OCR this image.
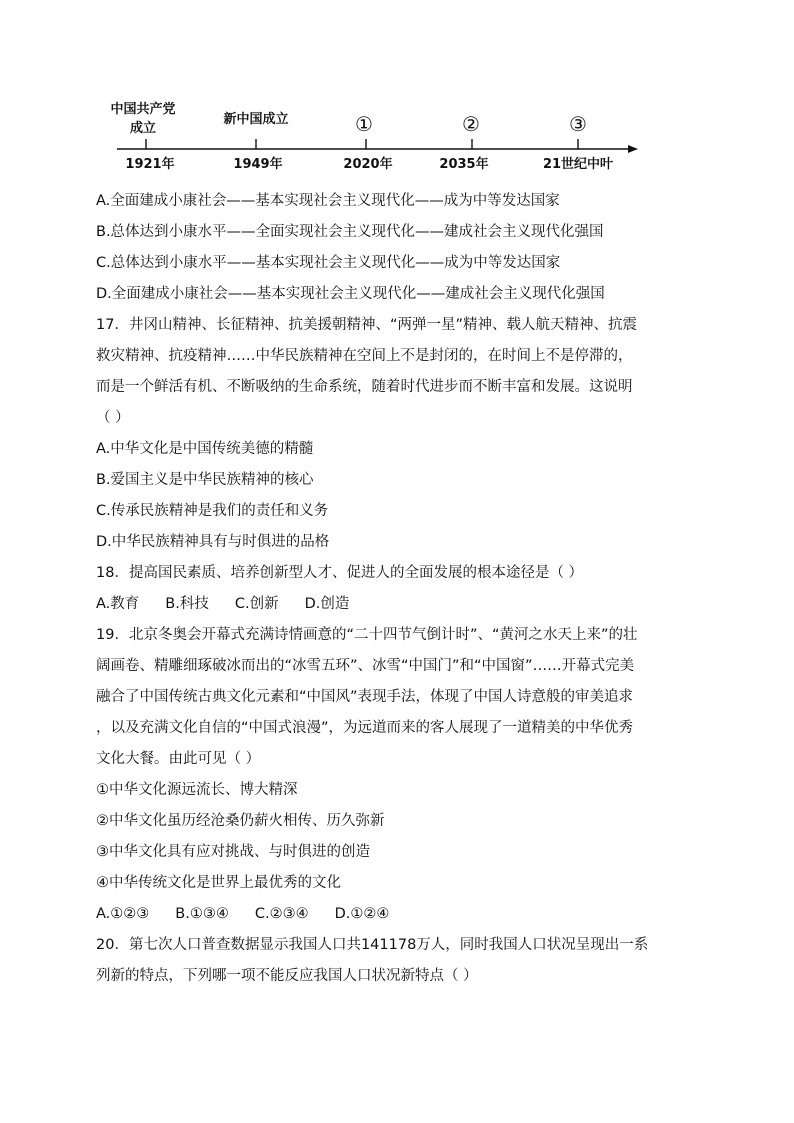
中国共产党
成立
新中国成立	①	②	③
1921年	1949年	2020年	2035年	21世纪中叶
A.全面建成小康社会——基本实现社会主义现代化——成为中等发达国家
B.总体达到小康水平——全面实现社会主义现代化——建成社会主义现代化强国
C.总体达到小康水平——基本实现社会主义现代化——成为中等发达国家
D.全面建成小康社会——基本实现社会主义现代化——建成社会主义现代化强国
17．井冈山精神、长征精神、抗美援朝精神、“两弹一星”精神、载人航天精神、抗震
救灾精神、抗疫精神……中华民族精神在空间上不是封闭的，在时间上不是停滞的，
而是一个鲜活有机、不断吸纳的生命系统，随着时代进步而不断丰富和发展。这说明
（ ）
A.中华文化是中国传统美德的精髓
B.爱国主义是中华民族精神的核心
C.传承民族精神是我们的责任和义务
D.中华民族精神具有与时俱进的品格
18．提高国民素质、培养创新型人才、促进人的全面发展的根本途径是（ ）
A.教育 B.科技 C.创新 D.创造
19．北京冬奥会开幕式充满诗情画意的“二十四节气倒计时”、“黄河之水天上来”的壮
阔画卷、精雕细琢破冰而出的“冰雪五环”、冰雪“中国门”和“中国窗”……开幕式完美
融合了中国传统古典文化元素和“中国风”表现手法，体现了中国人诗意般的审美追求
，以及充满文化自信的“中国式浪漫”，为远道而来的客人展现了一道精美的中华优秀
文化大餐。由此可见（ ）
①中华文化源远流长、博大精深
②中华文化虽历经沧桑仍薪火相传、历久弥新
③中华文化具有应对挑战、与时俱进的创造
④中华传统文化是世界上最优秀的文化
A.①②③ B.①③④ C.②③④ D.①②④
20．第七次人口普查数据显示我国人口共141178万人，同时我国人口状况呈现出一系
列新的特点，下列哪一项不能反应我国人口状况新特点（ ）
